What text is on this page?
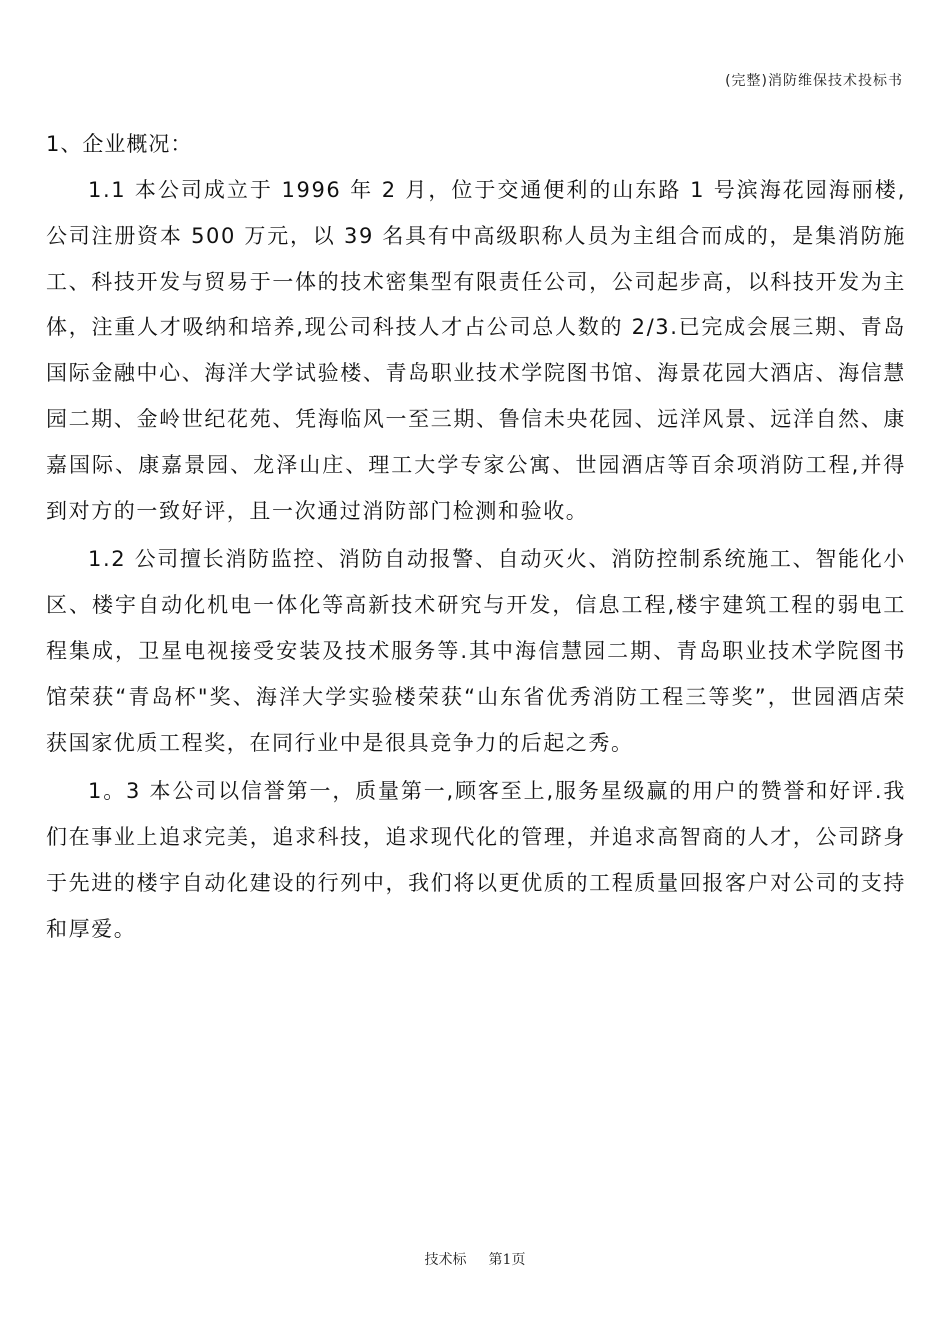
(完整)消防维保技术投标书
1、企业概况：

1.1 本公司成立于 1996 年 2 月，位于交通便利的山东路 1 号滨海花园海丽楼,公司注册资本 500 万元，以 39 名具有中高级职称人员为主组合而成的，是集消防施工、科技开发与贸易于一体的技术密集型有限责任公司，公司起步高，以科技开发为主体，注重人才吸纳和培养,现公司科技人才占公司总人数的 2/3.已完成会展三期、青岛国际金融中心、海洋大学试验楼、青岛职业技术学院图书馆、海景花园大酒店、海信慧园二期、金岭世纪花苑、凭海临风一至三期、鲁信未央花园、远洋风景、远洋自然、康嘉国际、康嘉景园、龙泽山庄、理工大学专家公寓、世园酒店等百余项消防工程,并得到对方的一致好评，且一次通过消防部门检测和验收。

1.2 公司擅长消防监控、消防自动报警、自动灭火、消防控制系统施工、智能化小区、楼宇自动化机电一体化等高新技术研究与开发，信息工程,楼宇建筑工程的弱电工程集成，卫星电视接受安装及技术服务等.其中海信慧园二期、青岛职业技术学院图书馆荣获“青岛杯"奖、海洋大学实验楼荣获“山东省优秀消防工程三等奖”，世园酒店荣获国家优质工程奖，在同行业中是很具竞争力的后起之秀。

1。3 本公司以信誉第一，质量第一,顾客至上,服务星级赢的用户的赞誉和好评.我们在事业上追求完美，追求科技，追求现代化的管理，并追求高智商的人才，公司跻身于先进的楼宇自动化建设的行列中，我们将以更优质的工程质量回报客户对公司的支持和厚爱。

技术标 第1页
